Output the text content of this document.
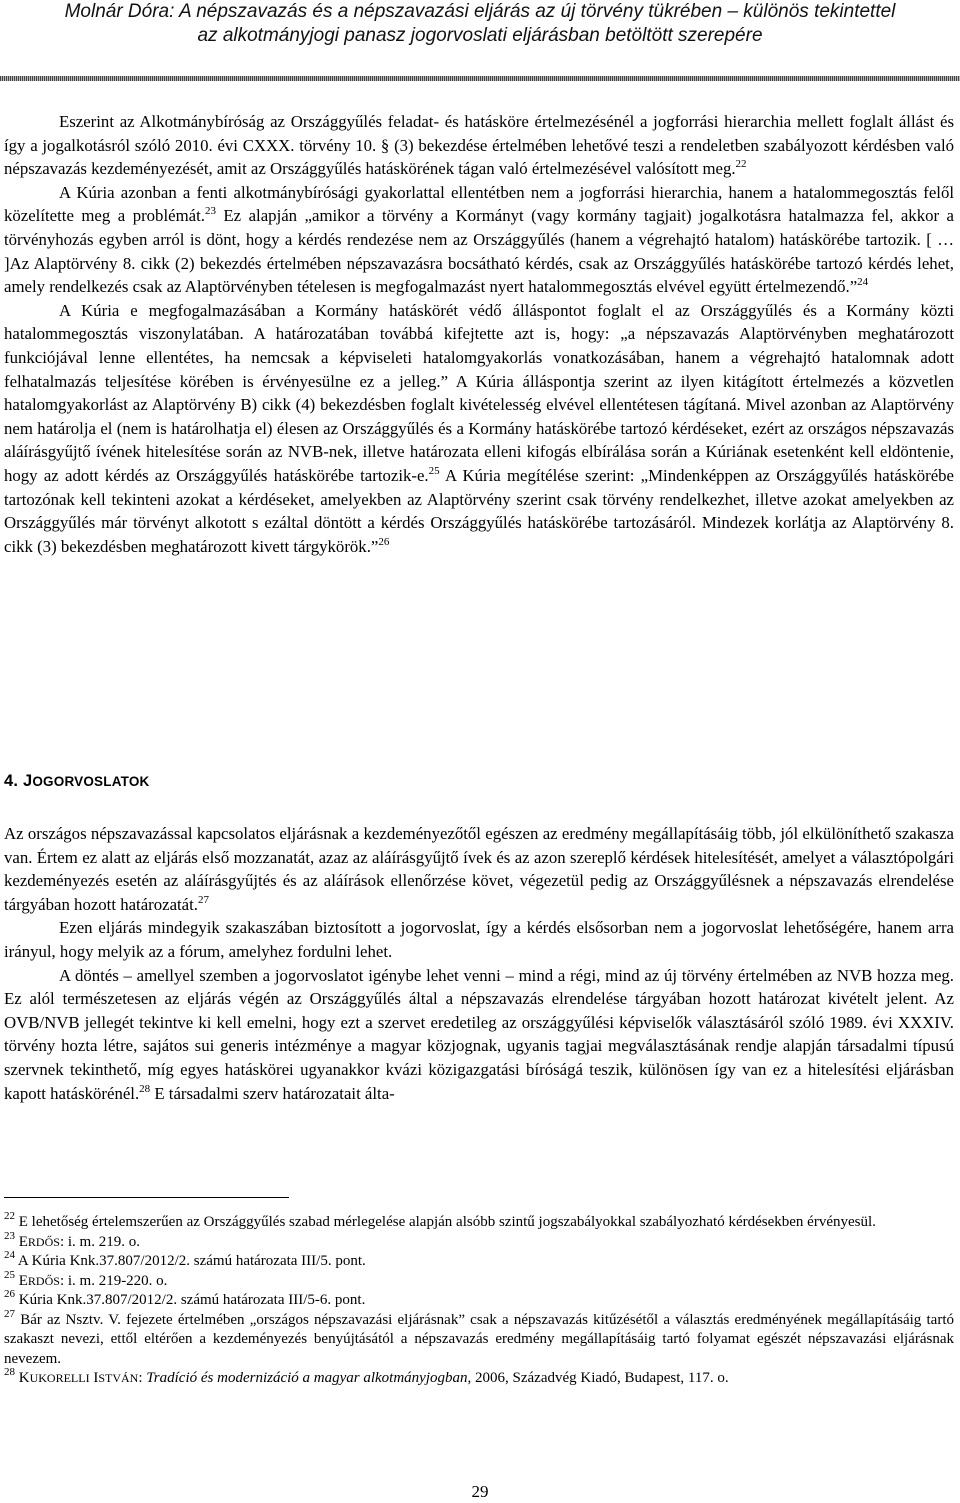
Molnár Dóra: A népszavazás és a népszavazási eljárás az új törvény tükrében – különös tekintettel
az alkotmányjogi panasz jogorvoslati eljárásban betöltött szerepére

Eszerint az Alkotmánybíróság az Országgyűlés feladat- és hatásköre értelmezésénél a jogforrási hierarchia mellett foglalt állást és így a jogalkotásról szóló 2010. évi CXXX. törvény 10. § (3) bekezdése értelmében lehetővé teszi a rendeletben szabályozott kérdésben való népszavazás kezdeményezését, amit az Országgyűlés hatáskörének tágan való értelmezésével valósított meg.$^{22}$

A Kúria azonban a fenti alkotmánybírósági gyakorlattal ellentétben nem a jogforrási hierarchia, hanem a hatalommegosztás felől közelítette meg a problémát.$^{23}$ Ez alapján „amikor a törvény a Kormányt (vagy kormány tagjait) jogalkotásra hatalmazza fel, akkor a törvényhozás egyben arról is dönt, hogy a kérdés rendezése nem az Országgyűlés (hanem a végrehajtó hatalom) hatáskörébe tartozik. [ … ]Az Alaptörvény 8. cikk (2) bekezdés értelmében népszavazásra bocsátható kérdés, csak az Országgyűlés hatáskörébe tartozó kérdés lehet, amely rendelkezés csak az Alaptörvényben tételesen is megfogalmazást nyert hatalommegosztás elvével együtt értelmezendő.”$^{24}$

A Kúria e megfogalmazásában a Kormány hatáskörét védő álláspontot foglalt el az Országgyűlés és a Kormány közti hatalommegosztás viszonylatában. A határozatában továbbá kifejtette azt is, hogy: „a népszavazás Alaptörvényben meghatározott funkciójával lenne ellentétes, ha nemcsak a képviseleti hatalomgyakorlás vonatkozásában, hanem a végrehajtó hatalomnak adott felhatalmazás teljesítése körében is érvényesülne ez a jelleg.” A Kúria álláspontja szerint az ilyen kitágított értelmezés a közvetlen hatalomgyakorlást az Alaptörvény B) cikk (4) bekezdésben foglalt kivételesség elvével ellentétesen tágítaná. Mivel azonban az Alaptörvény nem határolja el (nem is határolhatja el) élesen az Országgyűlés és a Kormány hatáskörébe tartozó kérdéseket, ezért az országos népszavazás aláírásgyűjtő ívének hitelesítése során az NVB-nek, illetve határozata elleni kifogás elbírálása során a Kúriának esetenként kell eldöntenie, hogy az adott kérdés az Országgyűlés hatáskörébe tartozik-e.$^{25}$ A Kúria megítélése szerint: „Mindenképpen az Országgyűlés hatáskörébe tartozónak kell tekinteni azokat a kérdéseket, amelyekben az Alaptörvény szerint csak törvény rendelkezhet, illetve azokat amelyekben az Országgyűlés már törvényt alkotott s ezáltal döntött a kérdés Országgyűlés hatáskörébe tartozásáról. Mindezek korlátja az Alaptörvény 8. cikk (3) bekezdésben meghatározott kivett tárgykörök.”$^{26}$

4. JOGORVOSLATOK

Az országos népszavazással kapcsolatos eljárásnak a kezdeményezőtől egészen az eredmény megállapításáig több, jól elkülöníthető szakasza van. Értem ez alatt az eljárás első mozzanatát, azaz az aláírásgyűjtő ívek és az azon szereplő kérdések hitelesítését, amelyet a választópolgári kezdeményezés esetén az aláírásgyűjtés és az aláírások ellenőrzése követ, végezetül pedig az Országgyűlésnek a népszavazás elrendelése tárgyában hozott határozatát.$^{27}$

Ezen eljárás mindegyik szakaszában biztosított a jogorvoslat, így a kérdés elsősorban nem a jogorvoslat lehetőségére, hanem arra irányul, hogy melyik az a fórum, amelyhez fordulni lehet.

A döntés – amellyel szemben a jogorvoslatot igénybe lehet venni – mind a régi, mind az új törvény értelmében az NVB hozza meg. Ez alól természetesen az eljárás végén az Országgyűlés által a népszavazás elrendelése tárgyában hozott határozat kivételt jelent. Az OVB/NVB jellegét tekintve ki kell emelni, hogy ezt a szervet eredetileg az országgyűlési képviselők választásáról szóló 1989. évi XXXIV. törvény hozta létre, sajátos sui generis intézménye a magyar közjognak, ugyanis tagjai megválasztásának rendje alapján társadalmi típusú szervnek tekinthető, míg egyes hatáskörei ugyanakkor kvázi közigazgatási bíróságá teszik, különösen így van ez a hitelesítési eljárásban kapott hatáskörénél.$^{28}$ E társadalmi szerv határozatait álta-

$^{22}$ E lehetőség értelemszerűen az Országgyűlés szabad mérlegelése alapján alsóbb szintű jogszabályokkal szabályozható kérdésekben érvényesül.

$^{23}$ ERDŐS: i. m. 219. o.

$^{24}$ A Kúria Knk.37.807/2012/2. számú határozata III/5. pont.

$^{25}$ ERDŐS: i. m. 219-220. o.

$^{26}$ Kúria Knk.37.807/2012/2. számú határozata III/5-6. pont.

$^{27}$ Bár az Nsztv. V. fejezete értelmében „országos népszavazási eljárásnak” csak a népszavazás kitűzésétől a választás eredményének megállapításáig tartó szakaszt nevezi, ettől eltérően a kezdeményezés benyújtásától a népszavazás eredmény megállapításáig tartó folyamat egészét népszavazási eljárásnak nevezem.

$^{28}$ KUKORELLI ISTVÁN: Tradíció és modernizáció a magyar alkotmányjogban, 2006, Századvég Kiadó, Budapest, 117. o.

29
